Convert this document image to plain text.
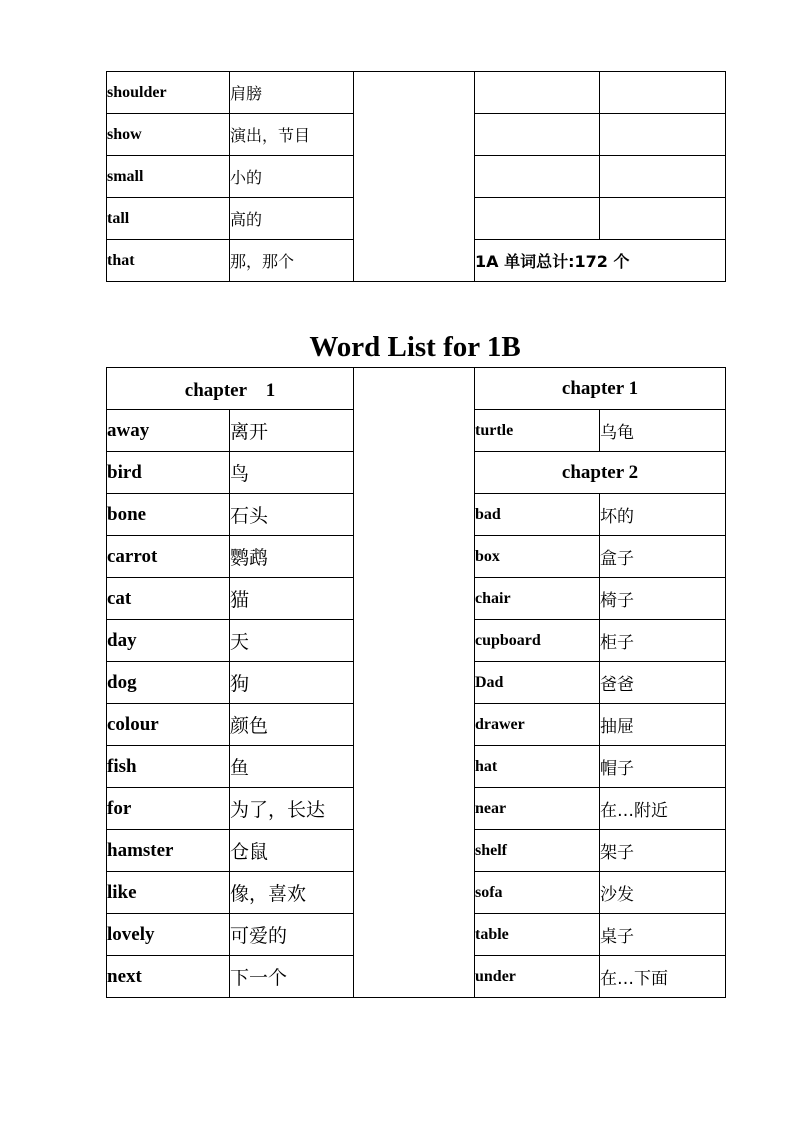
shoulder	肩膀			
show	演出，节目			
small	小的			
tall	高的			
that	那，那个		1A 单词总计:172 个	
Word List for 1B
chapter　1			chapter 1	
away	离开		turtle	乌龟
bird	鸟		chapter 2	
bone	石头		bad	坏的
carrot	鹦鹉		box	盒子
cat	猫		chair	椅子
day	天		cupboard	柜子
dog	狗		Dad	爸爸
colour	颜色		drawer	抽屉
fish	鱼		hat	帽子
for	为了，长达		near	在…附近
hamster	仓鼠		shelf	架子
like	像，喜欢		sofa	沙发
lovely	可爱的		table	桌子
next	下一个		under	在…下面
